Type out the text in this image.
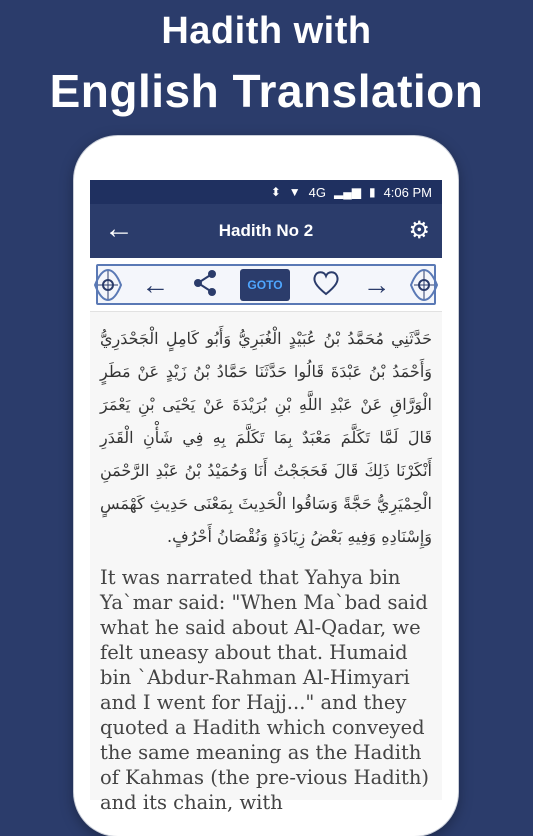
Hadith with
English Translation
⬍ ▼ 4G ▂▄▆ ▮ 4:06 PM
←	Hadith No 2	⚙
←	GOTO	→
حَدَّثَنِي مُحَمَّدُ بْنُ عُبَيْدٍ الْغُبَرِيُّ وَأَبُو كَامِلٍ الْجَحْدَرِيُّ وَأَحْمَدُ بْنُ عَبْدَةَ قَالُوا حَدَّثَنَا حَمَّادُ بْنُ زَيْدٍ عَنْ مَطَرٍ الْوَرَّاقِ عَنْ عَبْدِ اللَّهِ بْنِ بُرَيْدَةَ عَنْ يَحْيَى بْنِ يَعْمَرَ قَالَ لَمَّا تَكَلَّمَ مَعْبَدٌ بِمَا تَكَلَّمَ بِهِ فِي شَأْنِ الْقَدَرِ أَنْكَرْنَا ذَلِكَ قَالَ فَحَجَجْتُ أَنَا وَحُمَيْدُ بْنُ عَبْدِ الرَّحْمَنِ الْحِمْيَرِيُّ حَجَّةً وَسَاقُوا الْحَدِيثَ بِمَعْنَى حَدِيثِ كَهْمَسٍ وَإِسْنَادِهِ وَفِيهِ بَعْضُ زِيَادَةٍ وَنُقْصَانُ أَحْرُفٍ.
It was narrated that Yahya bin Ya`mar said: "When Ma`bad said what he said about Al-Qadar, we felt uneasy about that. Humaid bin `Abdur-Rahman Al-Himyari and I went for Hajj..." and they quoted a Hadith which conveyed the same meaning as the Hadith of Kahmas (the pre-vious Hadith) and its chain, with
